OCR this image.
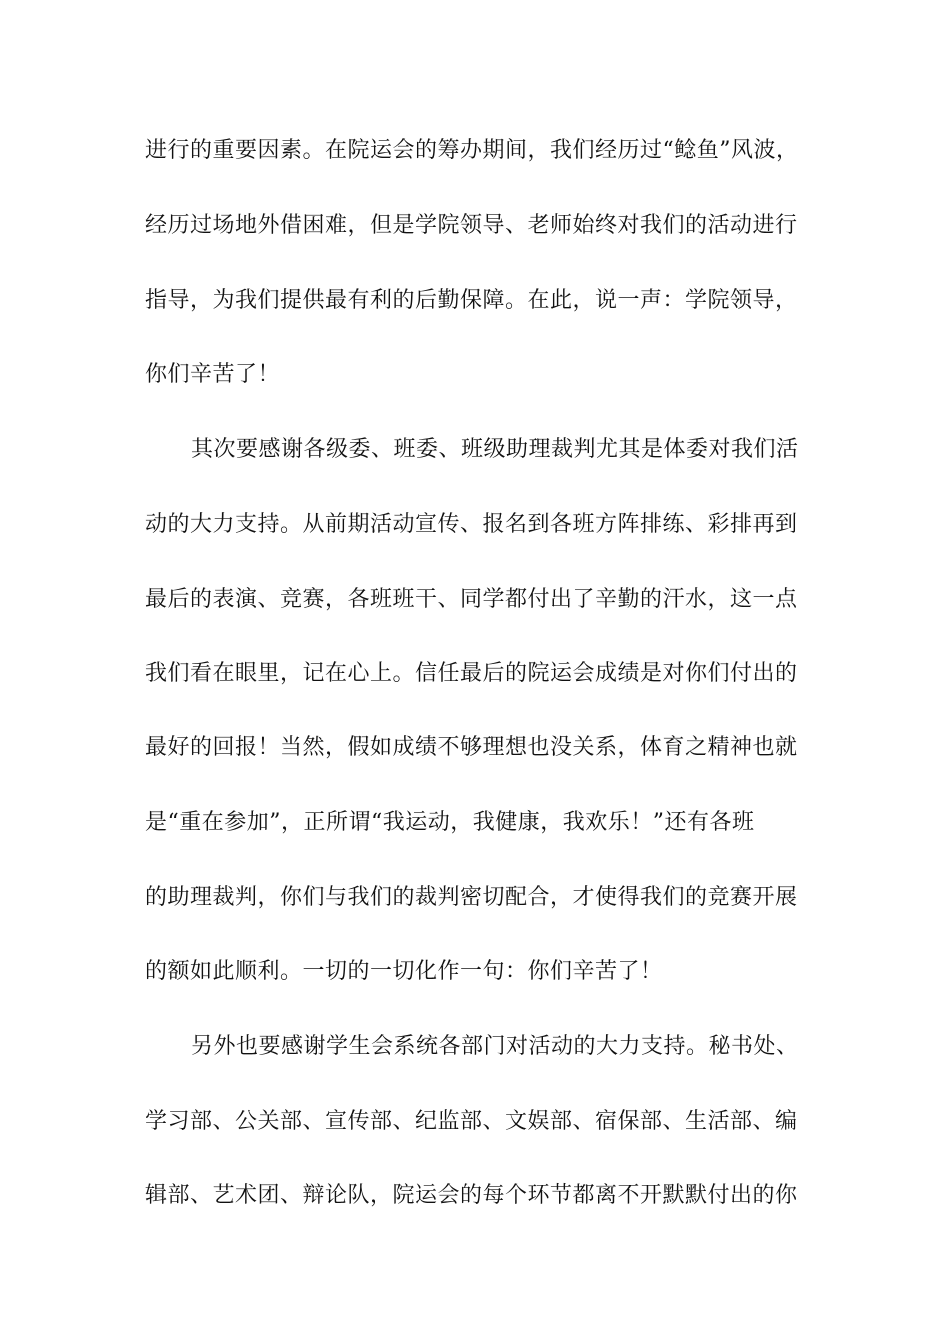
进行的重要因素。在院运会的筹办期间，我们经历过“鲶鱼”风波，
经历过场地外借困难，但是学院领导、老师始终对我们的活动进行
指导，为我们提供最有利的后勤保障。在此，说一声：学院领导，
你们辛苦了！
其次要感谢各级委、班委、班级助理裁判尤其是体委对我们活
动的大力支持。从前期活动宣传、报名到各班方阵排练、彩排再到
最后的表演、竞赛，各班班干、同学都付出了辛勤的汗水，这一点
我们看在眼里，记在心上。信任最后的院运会成绩是对你们付出的
最好的回报！当然，假如成绩不够理想也没关系，体育之精神也就
是“重在参加”，正所谓“我运动，我健康，我欢乐！”还有各班
的助理裁判，你们与我们的裁判密切配合，才使得我们的竞赛开展
的额如此顺利。一切的一切化作一句：你们辛苦了！
另外也要感谢学生会系统各部门对活动的大力支持。秘书处、
学习部、公关部、宣传部、纪监部、文娱部、宿保部、生活部、编
辑部、艺术团、辩论队，院运会的每个环节都离不开默默付出的你
